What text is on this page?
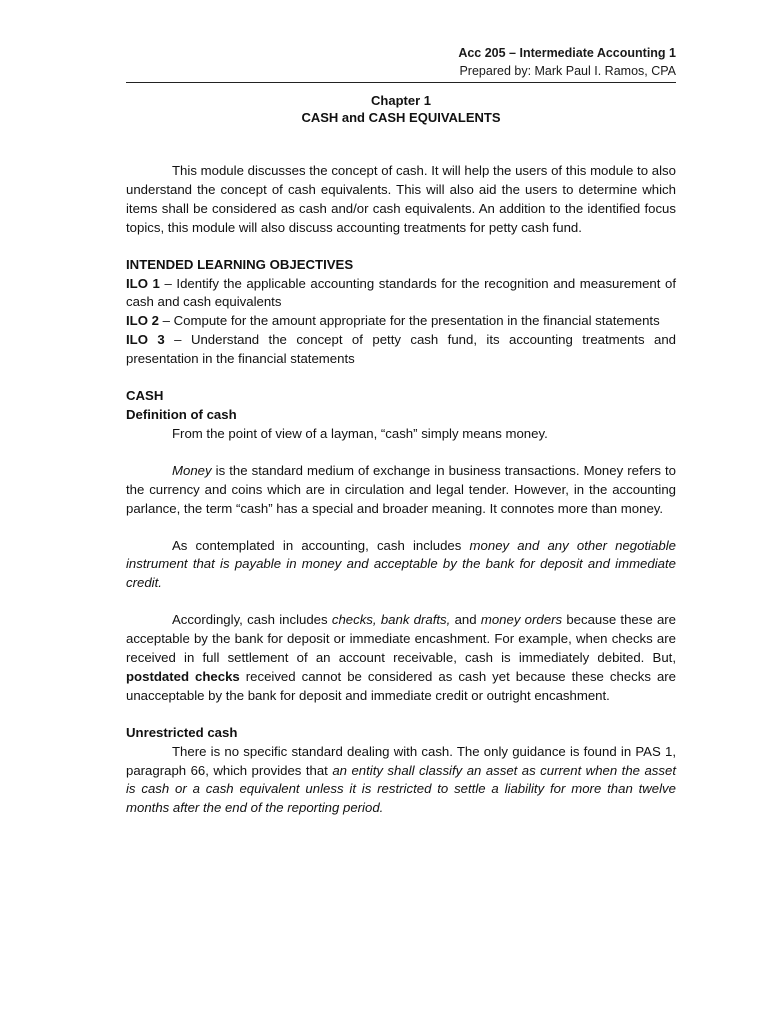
Acc 205 – Intermediate Accounting 1
Prepared by: Mark Paul I. Ramos, CPA
Chapter 1
CASH and CASH EQUIVALENTS

This module discusses the concept of cash. It will help the users of this module to also understand the concept of cash equivalents. This will also aid the users to determine which items shall be considered as cash and/or cash equivalents. An addition to the identified focus topics, this module will also discuss accounting treatments for petty cash fund.

INTENDED LEARNING OBJECTIVES

ILO 1 – Identify the applicable accounting standards for the recognition and measurement of cash and cash equivalents

ILO 2 – Compute for the amount appropriate for the presentation in the financial statements

ILO 3 – Understand the concept of petty cash fund, its accounting treatments and presentation in the financial statements

CASH
Definition of cash

From the point of view of a layman, “cash” simply means money.

Money is the standard medium of exchange in business transactions. Money refers to the currency and coins which are in circulation and legal tender. However, in the accounting parlance, the term “cash” has a special and broader meaning. It connotes more than money.

As contemplated in accounting, cash includes money and any other negotiable instrument that is payable in money and acceptable by the bank for deposit and immediate credit.

Accordingly, cash includes checks, bank drafts, and money orders because these are acceptable by the bank for deposit or immediate encashment. For example, when checks are received in full settlement of an account receivable, cash is immediately debited. But, postdated checks received cannot be considered as cash yet because these checks are unacceptable by the bank for deposit and immediate credit or outright encashment.

Unrestricted cash

There is no specific standard dealing with cash. The only guidance is found in PAS 1, paragraph 66, which provides that an entity shall classify an asset as current when the asset is cash or a cash equivalent unless it is restricted to settle a liability for more than twelve months after the end of the reporting period.
